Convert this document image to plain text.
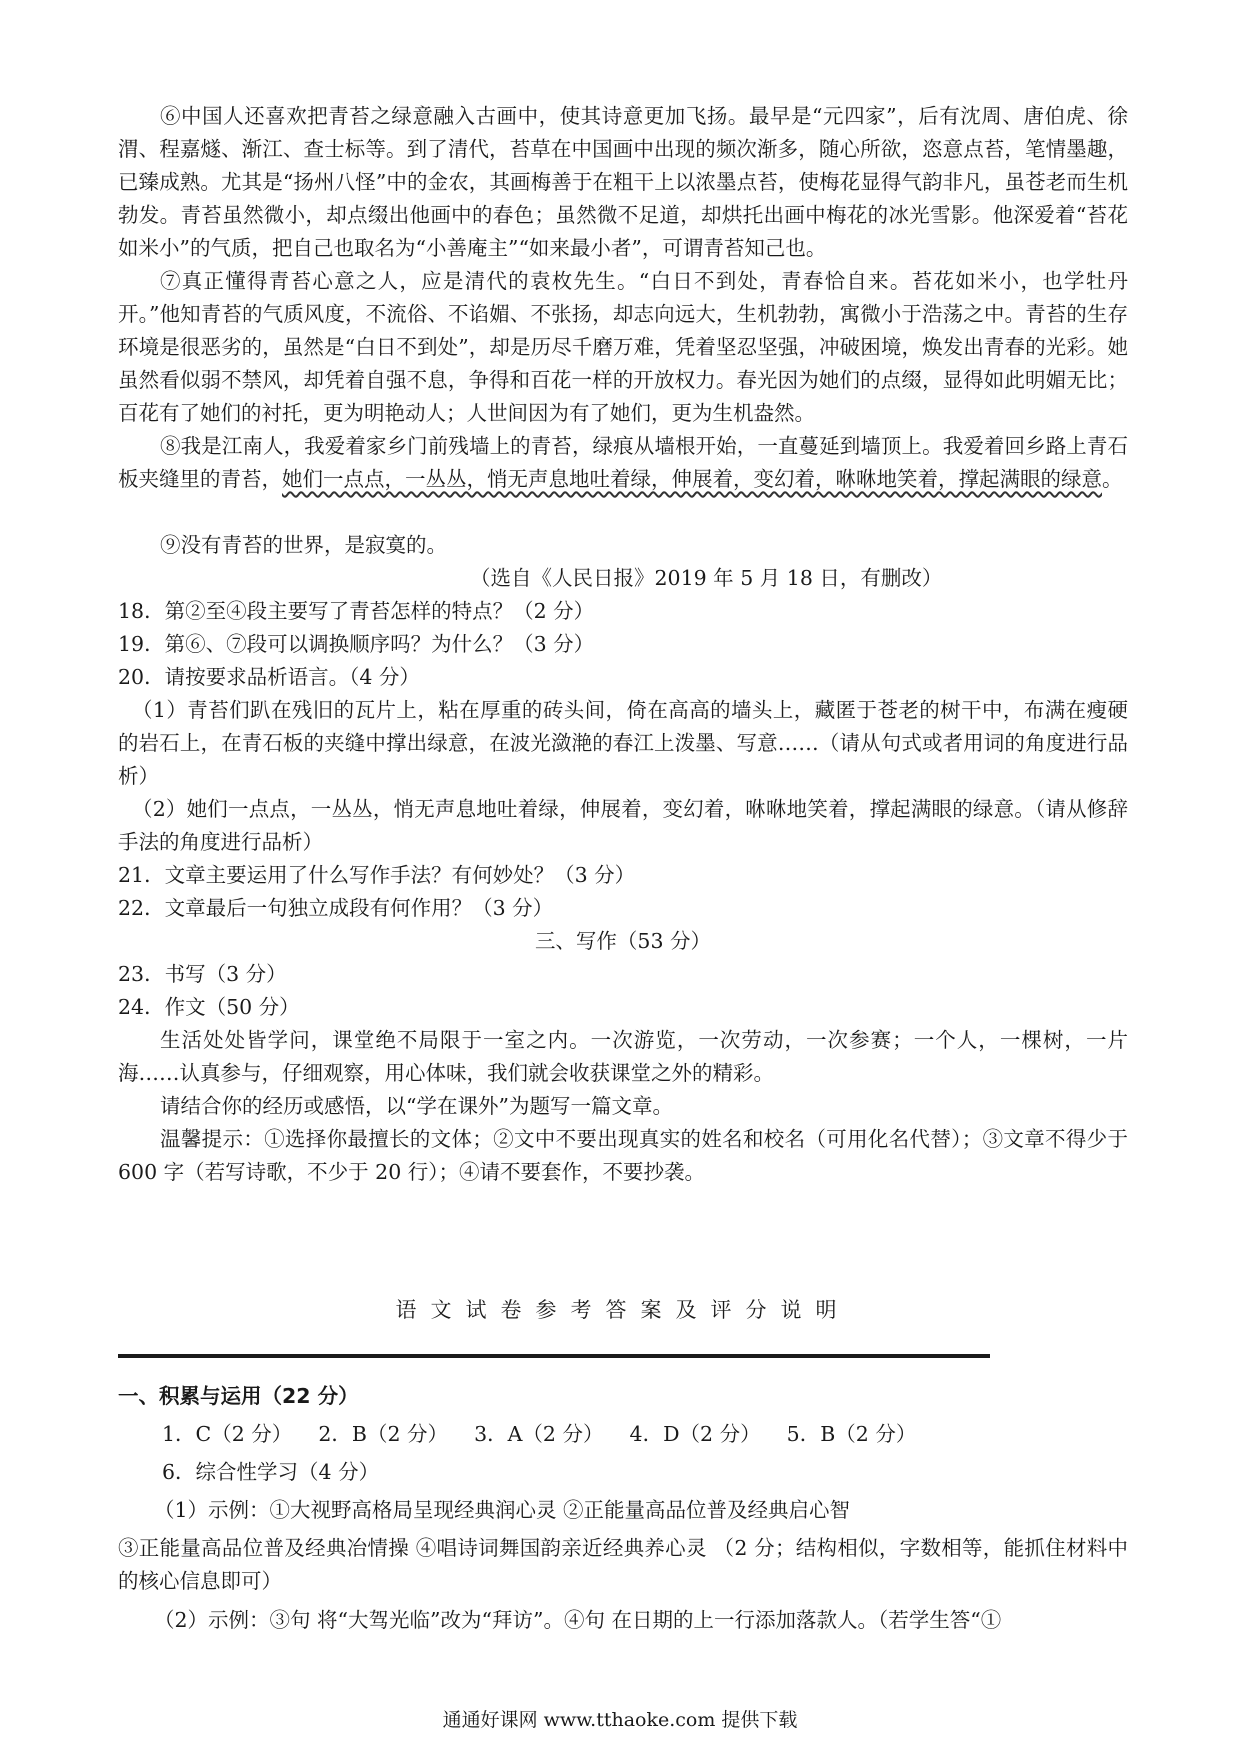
⑥中国人还喜欢把青苔之绿意融入古画中，使其诗意更加飞扬。最早是“元四家”，后有沈周、唐伯虎、徐渭、程嘉燧、渐江、查士标等。到了清代，苔草在中国画中出现的频次渐多，随心所欲，恣意点苔，笔情墨趣，已臻成熟。尤其是“扬州八怪”中的金农，其画梅善于在粗干上以浓墨点苔，使梅花显得气韵非凡，虽苍老而生机勃发。青苔虽然微小，却点缀出他画中的春色；虽然微不足道，却烘托出画中梅花的冰光雪影。他深爱着“苔花如米小”的气质，把自己也取名为“小善庵主”“如来最小者”，可谓青苔知己也。

⑦真正懂得青苔心意之人，应是清代的袁枚先生。“白日不到处，青春恰自来。苔花如米小，也学牡丹开。”他知青苔的气质风度，不流俗、不谄媚、不张扬，却志向远大，生机勃勃，寓微小于浩荡之中。青苔的生存环境是很恶劣的，虽然是“白日不到处”，却是历尽千磨万难，凭着坚忍坚强，冲破困境，焕发出青春的光彩。她虽然看似弱不禁风，却凭着自强不息，争得和百花一样的开放权力。春光因为她们的点缀，显得如此明媚无比；百花有了她们的衬托，更为明艳动人；人世间因为有了她们，更为生机盎然。

⑧我是江南人，我爱着家乡门前残墙上的青苔，绿痕从墙根开始，一直蔓延到墙顶上。我爱着回乡路上青石板夹缝里的青苔，她们一点点，一丛丛，悄无声息地吐着绿，伸展着，变幻着，咻咻地笑着，撑起满眼的绿意。

⑨没有青苔的世界，是寂寞的。

（选自《人民日报》2019 年 5 月 18 日，有删改）

18．第②至④段主要写了青苔怎样的特点？（2 分）

19．第⑥、⑦段可以调换顺序吗？为什么？（3 分）

20．请按要求品析语言。（4 分）

（1）青苔们趴在残旧的瓦片上，粘在厚重的砖头间，倚在高高的墙头上，藏匿于苍老的树干中，布满在瘦硬的岩石上，在青石板的夹缝中撑出绿意，在波光潋滟的春江上泼墨、写意……（请从句式或者用词的角度进行品析）

（2）她们一点点，一丛丛，悄无声息地吐着绿，伸展着，变幻着，咻咻地笑着，撑起满眼的绿意。（请从修辞手法的角度进行品析）

21．文章主要运用了什么写作手法？有何妙处？（3 分）

22．文章最后一句独立成段有何作用？（3 分）

三、写作（53 分）

23．书写（3 分）

24．作文（50 分）

生活处处皆学问，课堂绝不局限于一室之内。一次游览，一次劳动，一次参赛；一个人，一棵树，一片海……认真参与，仔细观察，用心体味，我们就会收获课堂之外的精彩。

请结合你的经历或感悟，以“学在课外”为题写一篇文章。

温馨提示：①选择你最擅长的文体；②文中不要出现真实的姓名和校名（可用化名代替）；③文章不得少于 600 字（若写诗歌，不少于 20 行）；④请不要套作，不要抄袭。

语文试卷参考答案及评分说明

一、积累与运用（22 分）

1．C（2 分）    2．B（2 分）    3．A（2 分）    4．D（2 分）    5．B（2 分）

6．综合性学习（4 分）

（1）示例：①大视野高格局呈现经典润心灵 ②正能量高品位普及经典启心智

③正能量高品位普及经典冶情操 ④唱诗词舞国韵亲近经典养心灵 （2 分；结构相似，字数相等，能抓住材料中的核心信息即可）

（2）示例：③句 将“大驾光临”改为“拜访”。④句 在日期的上一行添加落款人。（若学生答“①

通通好课网 www.tthaoke.com 提供下载
